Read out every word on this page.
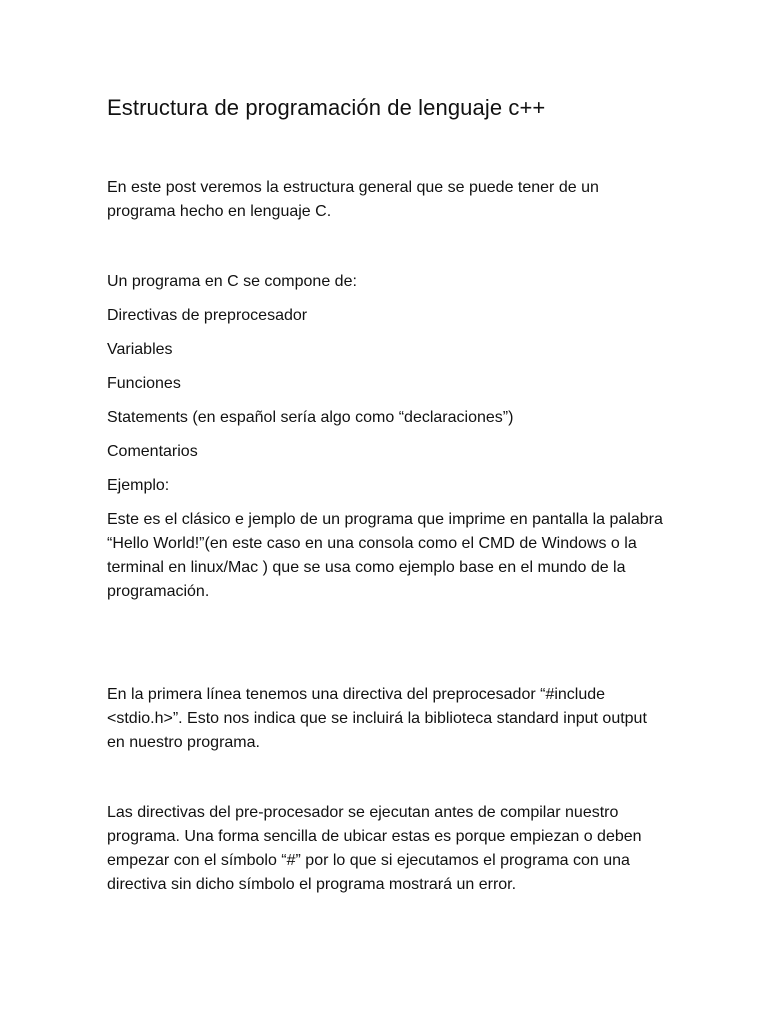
Estructura de programación de lenguaje c++

En este post veremos la estructura general que se puede tener de un programa hecho en lenguaje C.

Un programa en C se compone de:

Directivas de preprocesador

Variables

Funciones

Statements (en español sería algo como “declaraciones”)

Comentarios

Ejemplo:

Este es el clásico e jemplo de un programa que imprime en pantalla la palabra “Hello World!”(en este caso en una consola como el CMD de Windows o la terminal en linux/Mac ) que se usa como ejemplo base en el mundo de la programación.

En la primera línea tenemos una directiva del preprocesador “#include <stdio.h>”. Esto nos indica que se incluirá la biblioteca standard input output en nuestro programa.

Las directivas del pre-procesador se ejecutan antes de compilar nuestro programa. Una forma sencilla de ubicar estas es porque empiezan o deben empezar con el símbolo “#” por lo que si ejecutamos el programa con una directiva sin dicho símbolo el programa mostrará un error.
